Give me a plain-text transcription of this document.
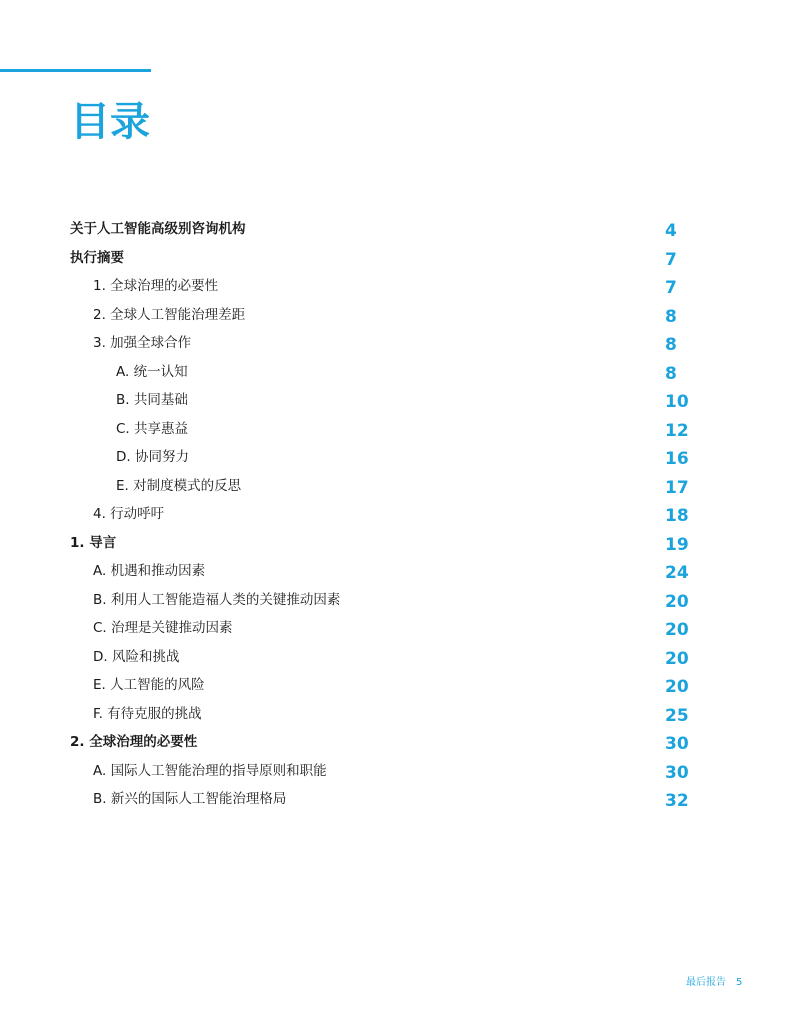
目录
关于人工智能高级别咨询机构	4
执行摘要	7
1. 全球治理的必要性	7
2. 全球人工智能治理差距	8
3. 加强全球合作	8
A. 统一认知	8
B. 共同基础	10
C. 共享惠益	12
D. 协同努力	16
E. 对制度模式的反思	17
4. 行动呼吁	18
1. 导言	19
A. 机遇和推动因素	24
B. 利用人工智能造福人类的关键推动因素	20
C. 治理是关键推动因素	20
D. 风险和挑战	20
E. 人工智能的风险	20
F. 有待克服的挑战	25
2. 全球治理的必要性	30
A. 国际人工智能治理的指导原则和职能	30
B. 新兴的国际人工智能治理格局	32
最后报告 5
